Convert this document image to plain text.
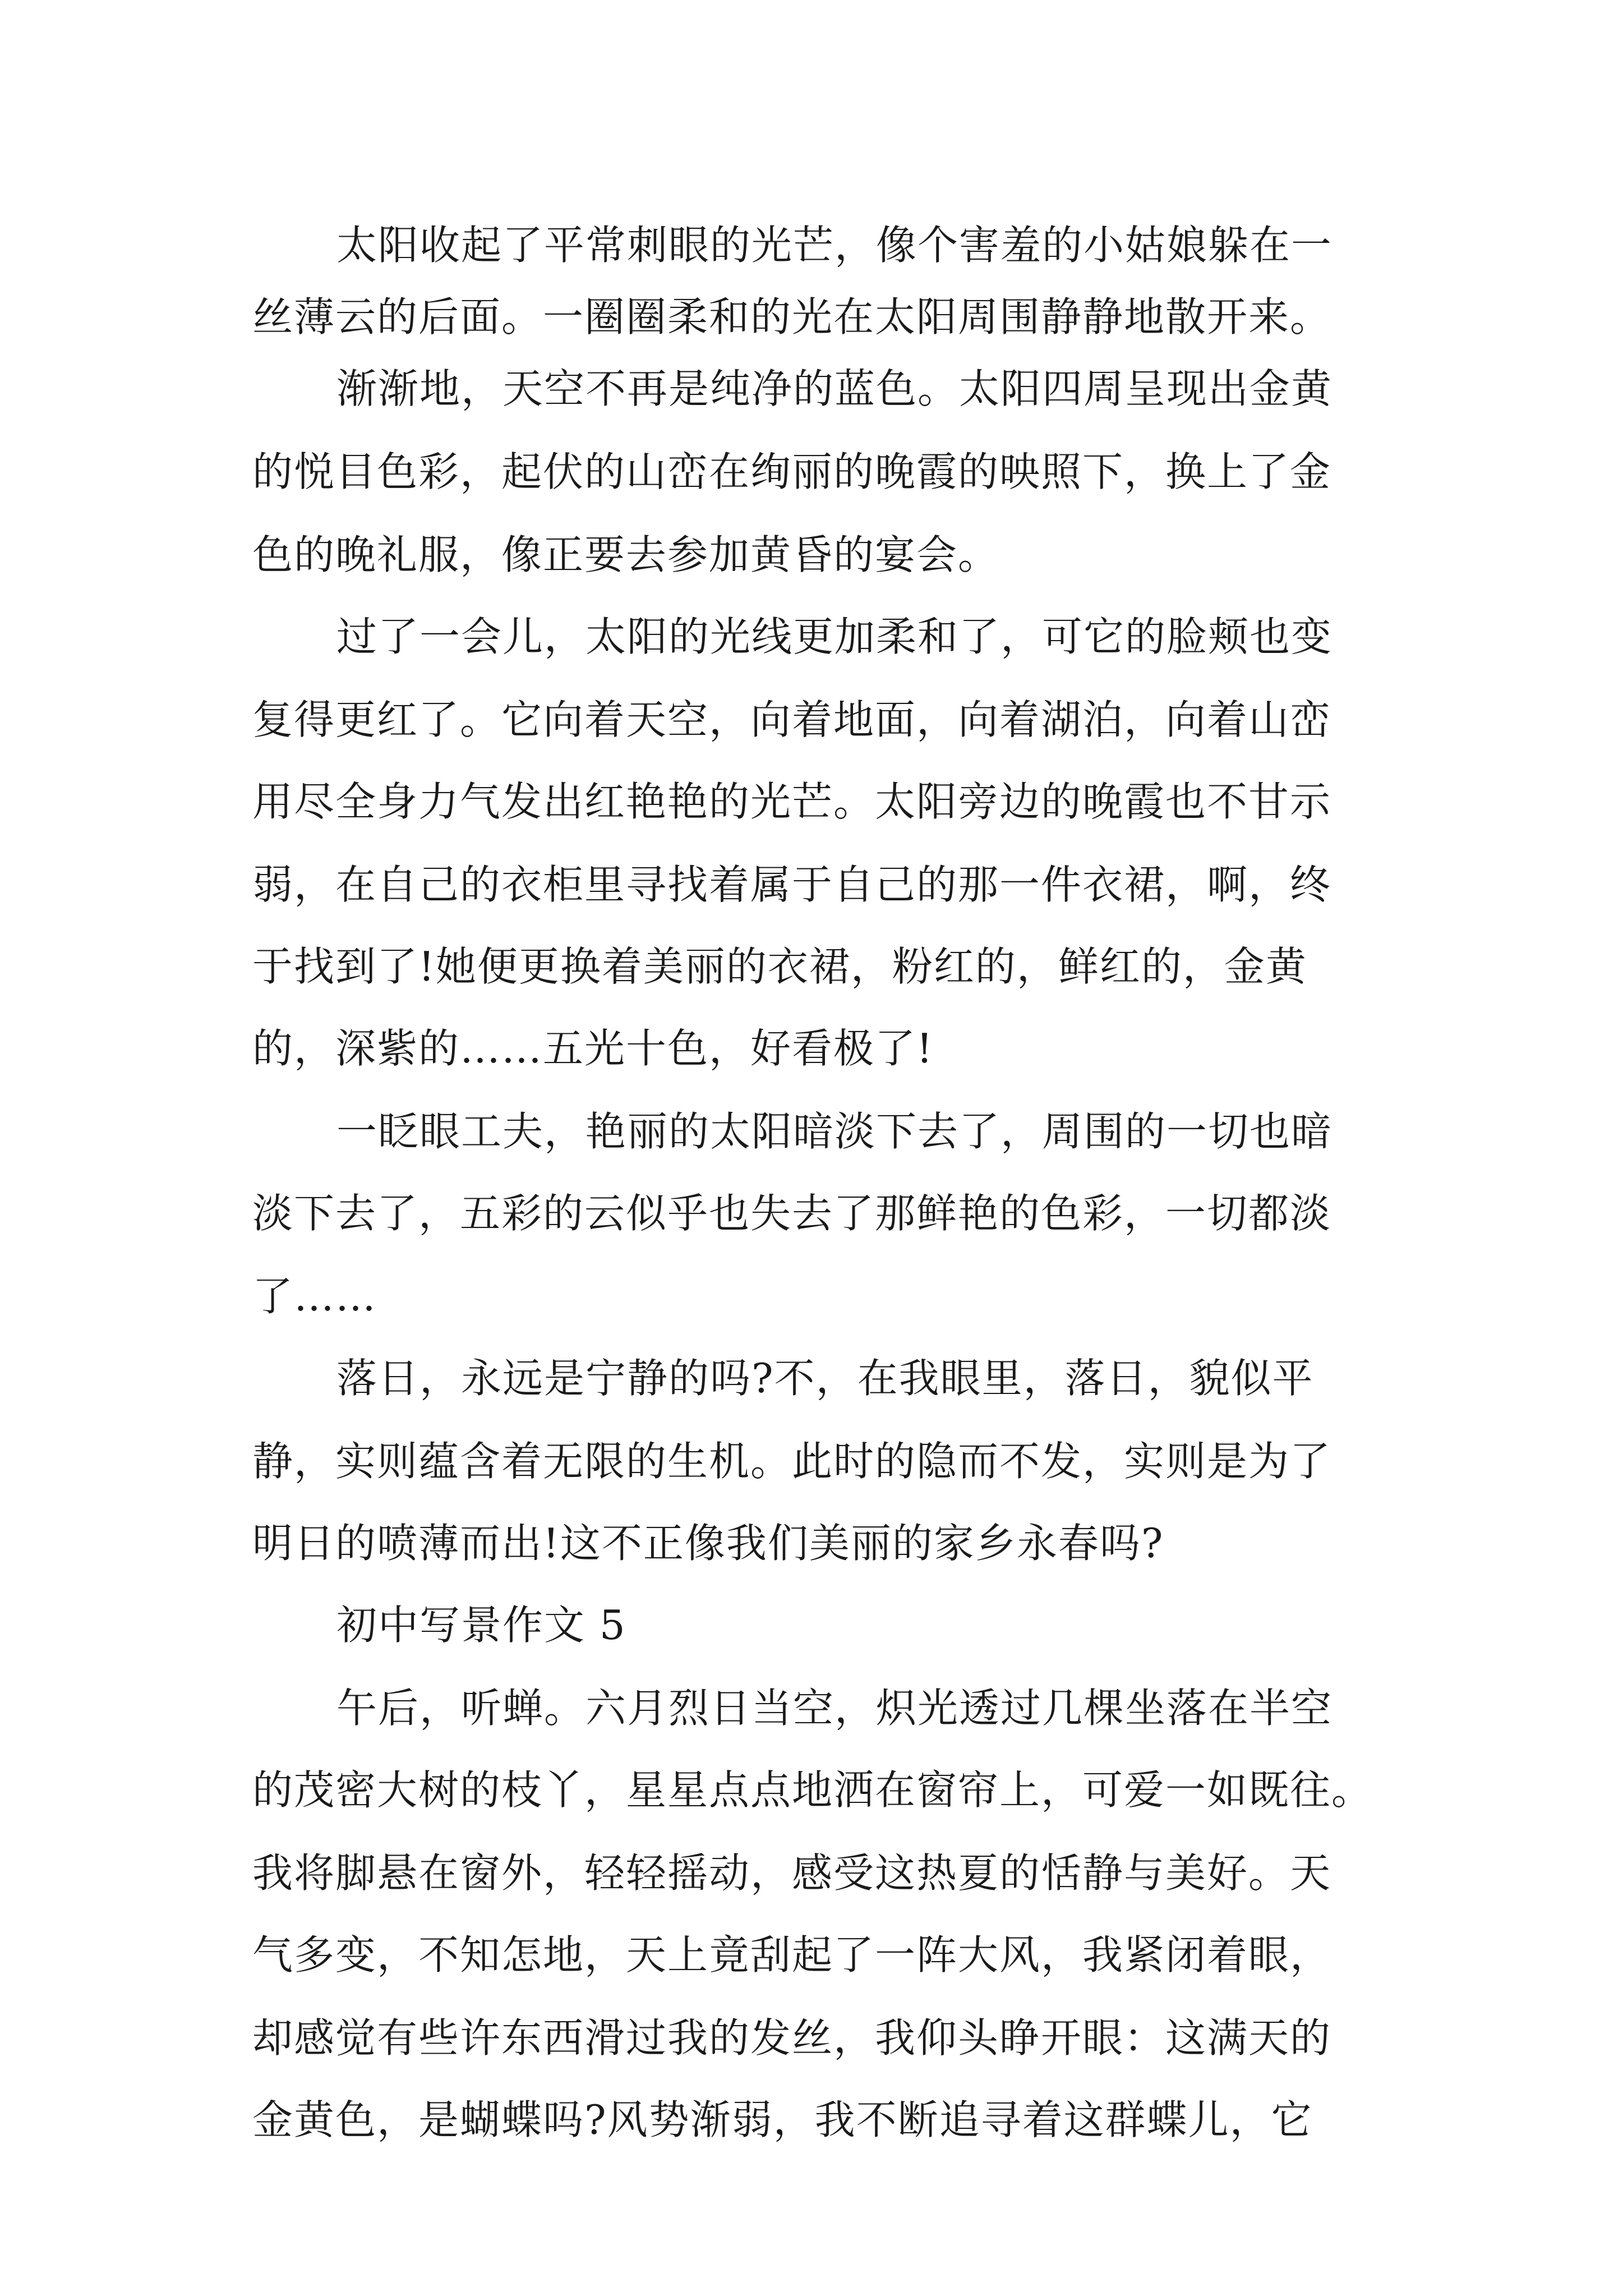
太阳收起了平常刺眼的光芒，像个害羞的小姑娘躲在一
丝薄云的后面。一圈圈柔和的光在太阳周围静静地散开来。
渐渐地，天空不再是纯净的蓝色。太阳四周呈现出金黄
的悦目色彩，起伏的山峦在绚丽的晚霞的映照下，换上了金
色的晚礼服，像正要去参加黄昏的宴会。
过了一会儿，太阳的光线更加柔和了，可它的脸颊也变
复得更红了。它向着天空，向着地面，向着湖泊，向着山峦
用尽全身力气发出红艳艳的光芒。太阳旁边的晚霞也不甘示
弱，在自己的衣柜里寻找着属于自己的那一件衣裙，啊，终
于找到了!她便更换着美丽的衣裙，粉红的，鲜红的，金黄
的，深紫的……五光十色，好看极了!
一眨眼工夫，艳丽的太阳暗淡下去了，周围的一切也暗
淡下去了，五彩的云似乎也失去了那鲜艳的色彩，一切都淡
了……
落日，永远是宁静的吗?不，在我眼里，落日，貌似平
静，实则蕴含着无限的生机。此时的隐而不发，实则是为了
明日的喷薄而出!这不正像我们美丽的家乡永春吗?
初中写景作文 5
午后，听蝉。六月烈日当空，炽光透过几棵坐落在半空
的茂密大树的枝丫，星星点点地洒在窗帘上，可爱一如既往。
我将脚悬在窗外，轻轻摇动，感受这热夏的恬静与美好。天
气多变，不知怎地，天上竟刮起了一阵大风，我紧闭着眼，
却感觉有些许东西滑过我的发丝，我仰头睁开眼：这满天的
金黄色，是蝴蝶吗?风势渐弱，我不断追寻着这群蝶儿，它
